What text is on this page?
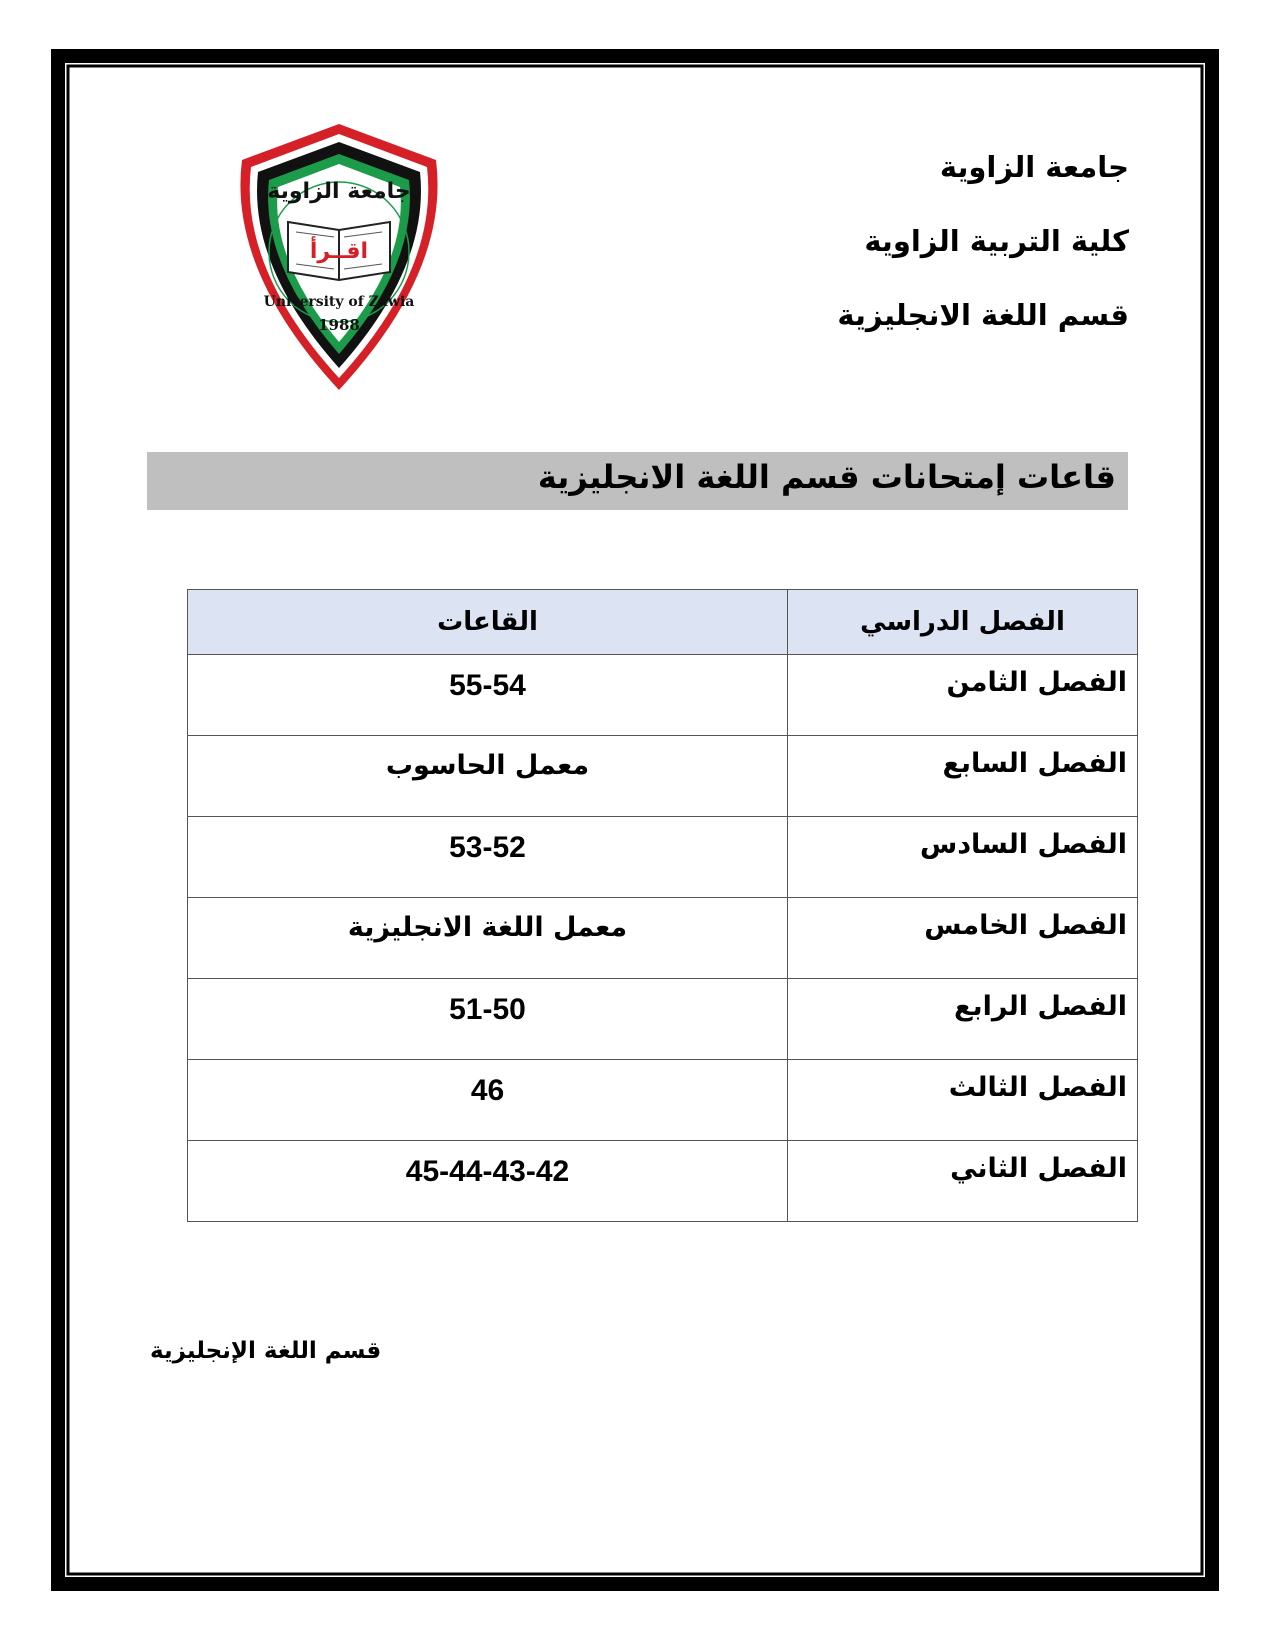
جامعة الزاوية
كلية التربية الزاوية
قسم اللغة الانجليزية
جامعة الزاوية
اقــرأ
University of Zawia
1988
قاعات إمتحانات قسم اللغة الانجليزية
الفصل الدراسي	القاعات
الفصل الثامن	55-54
الفصل السابع	معمل الحاسوب
الفصل السادس	53-52
الفصل الخامس	معمل اللغة الانجليزية
الفصل الرابع	51-50
الفصل الثالث	46
الفصل الثاني	45-44-43-42
قسم اللغة الإنجليزية
